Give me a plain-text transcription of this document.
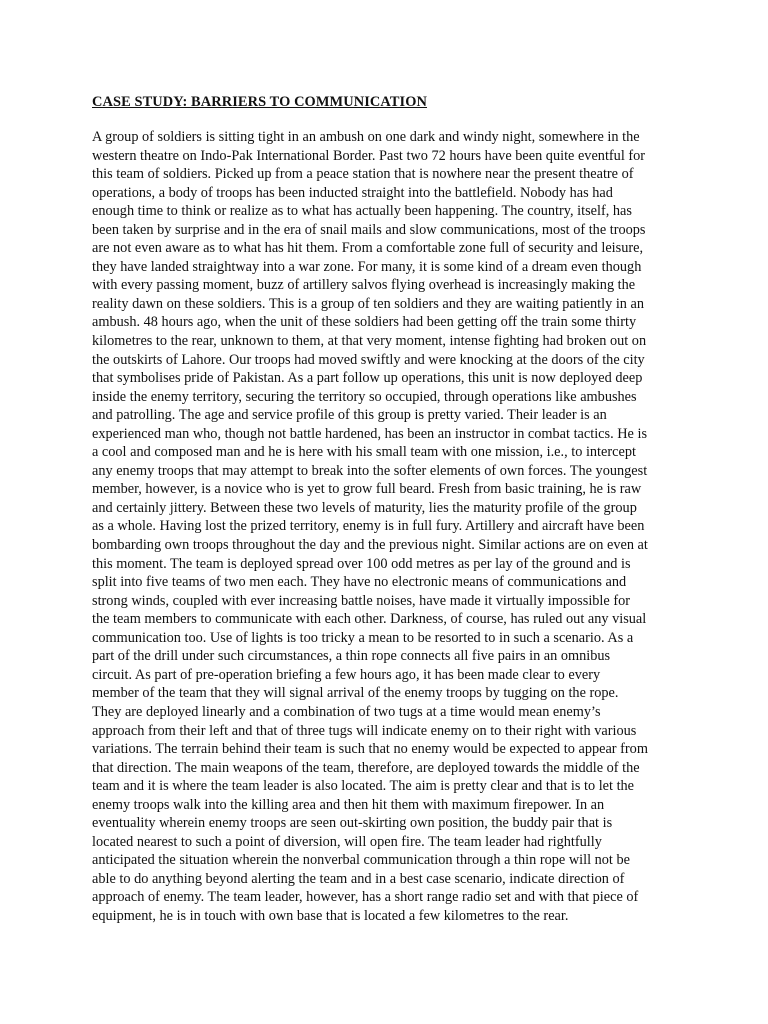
CASE STUDY: BARRIERS TO COMMUNICATION
A group of soldiers is sitting tight in an ambush on one dark and windy night, somewhere in the
western theatre on Indo-Pak International Border. Past two 72 hours have been quite eventful for
this team of soldiers. Picked up from a peace station that is nowhere near the present theatre of
operations, a body of troops has been inducted straight into the battlefield. Nobody has had
enough time to think or realize as to what has actually been happening. The country, itself, has
been taken by surprise and in the era of snail mails and slow communications, most of the troops
are not even aware as to what has hit them. From a comfortable zone full of security and leisure,
they have landed straightway into a war zone. For many, it is some kind of a dream even though
with every passing moment, buzz of artillery salvos flying overhead is increasingly making the
reality dawn on these soldiers. This is a group of ten soldiers and they are waiting patiently in an
ambush. 48 hours ago, when the unit of these soldiers had been getting off the train some thirty
kilometres to the rear, unknown to them, at that very moment, intense fighting had broken out on
the outskirts of Lahore. Our troops had moved swiftly and were knocking at the doors of the city
that symbolises pride of Pakistan. As a part follow up operations, this unit is now deployed deep
inside the enemy territory, securing the territory so occupied, through operations like ambushes
and patrolling. The age and service profile of this group is pretty varied. Their leader is an
experienced man who, though not battle hardened, has been an instructor in combat tactics. He is
a cool and composed man and he is here with his small team with one mission, i.e., to intercept
any enemy troops that may attempt to break into the softer elements of own forces. The youngest
member, however, is a novice who is yet to grow full beard. Fresh from basic training, he is raw
and certainly jittery. Between these two levels of maturity, lies the maturity profile of the group
as a whole. Having lost the prized territory, enemy is in full fury. Artillery and aircraft have been
bombarding own troops throughout the day and the previous night. Similar actions are on even at
this moment. The team is deployed spread over 100 odd metres as per lay of the ground and is
split into five teams of two men each. They have no electronic means of communications and
strong winds, coupled with ever increasing battle noises, have made it virtually impossible for
the team members to communicate with each other. Darkness, of course, has ruled out any visual
communication too. Use of lights is too tricky a mean to be resorted to in such a scenario. As a
part of the drill under such circumstances, a thin rope connects all five pairs in an omnibus
circuit. As part of pre-operation briefing a few hours ago, it has been made clear to every
member of the team that they will signal arrival of the enemy troops by tugging on the rope.
They are deployed linearly and a combination of two tugs at a time would mean enemy’s
approach from their left and that of three tugs will indicate enemy on to their right with various
variations. The terrain behind their team is such that no enemy would be expected to appear from
that direction. The main weapons of the team, therefore, are deployed towards the middle of the
team and it is where the team leader is also located. The aim is pretty clear and that is to let the
enemy troops walk into the killing area and then hit them with maximum firepower. In an
eventuality wherein enemy troops are seen out-skirting own position, the buddy pair that is
located nearest to such a point of diversion, will open fire. The team leader had rightfully
anticipated the situation wherein the nonverbal communication through a thin rope will not be
able to do anything beyond alerting the team and in a best case scenario, indicate direction of
approach of enemy. The team leader, however, has a short range radio set and with that piece of
equipment, he is in touch with own base that is located a few kilometres to the rear.
